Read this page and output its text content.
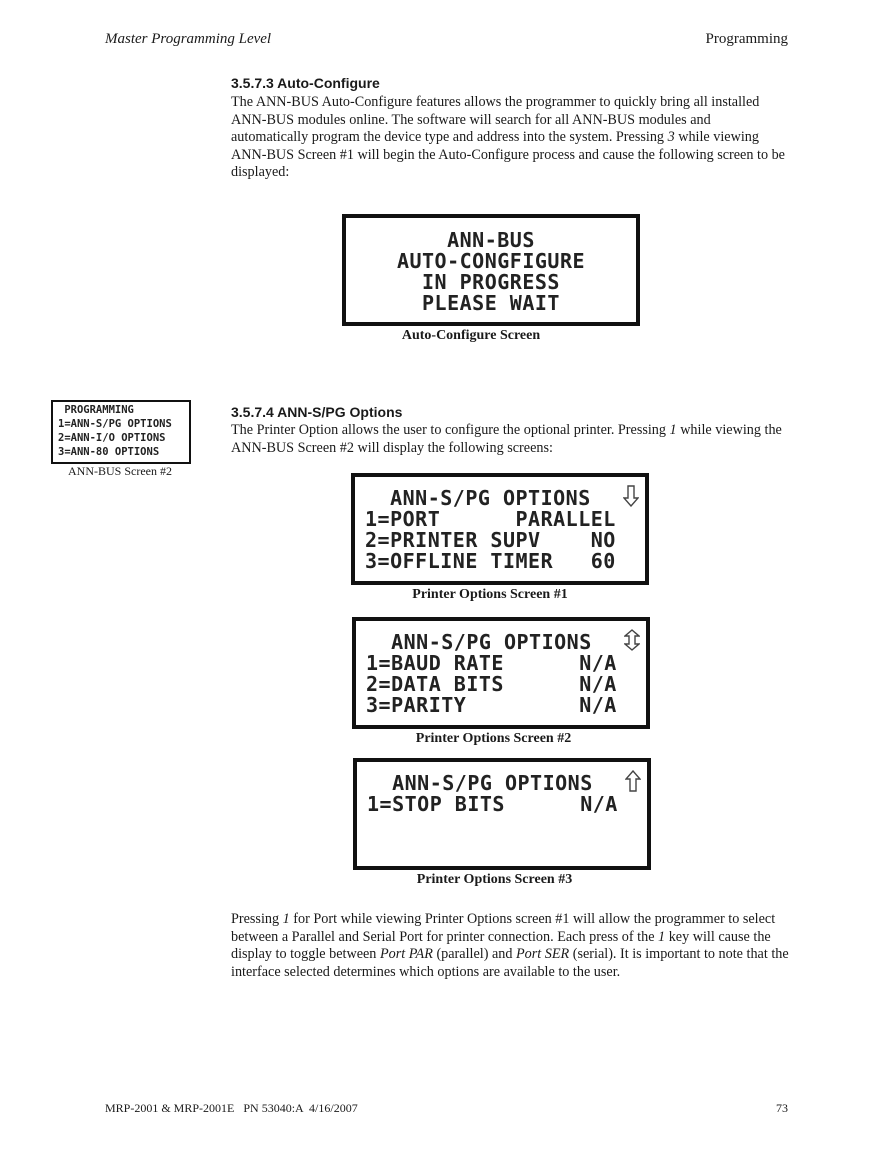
Master Programming Level	Programming
3.5.7.3 Auto-Configure

The ANN-BUS Auto-Configure features allows the programmer to quickly bring all installed ANN-BUS modules online. The software will search for all ANN-BUS modules and automatically program the device type and address into the system. Pressing 3 while viewing ANN-BUS Screen #1 will begin the Auto-Configure process and cause the following screen to be displayed:

ANN-BUS
AUTO-CONGFIGURE
IN PROGRESS
PLEASE WAIT
Auto-Configure Screen
PROGRAMMING
1=ANN-S/PG OPTIONS
2=ANN-I/O OPTIONS
3=ANN-80 OPTIONS
ANN-BUS Screen #2
3.5.7.4 ANN-S/PG Options

The Printer Option allows the user to configure the optional printer. Pressing 1 while viewing the ANN-BUS Screen #2 will display the following screens:

ANN-S/PG OPTIONS
1=PORT      PARALLEL
2=PRINTER SUPV    NO
3=OFFLINE TIMER   60
Printer Options Screen #1
ANN-S/PG OPTIONS
1=BAUD RATE      N/A
2=DATA BITS      N/A
3=PARITY         N/A
Printer Options Screen #2
ANN-S/PG OPTIONS
1=STOP BITS      N/A
Printer Options Screen #3

Pressing 1 for Port while viewing Printer Options screen #1 will allow the programmer to select between a Parallel and Serial Port for printer connection. Each press of the 1 key will cause the display to toggle between Port PAR (parallel) and Port SER (serial). It is important to note that the interface selected determines which options are available to the user.

MRP-2001 & MRP-2001E   PN 53040:A  4/16/2007	73
